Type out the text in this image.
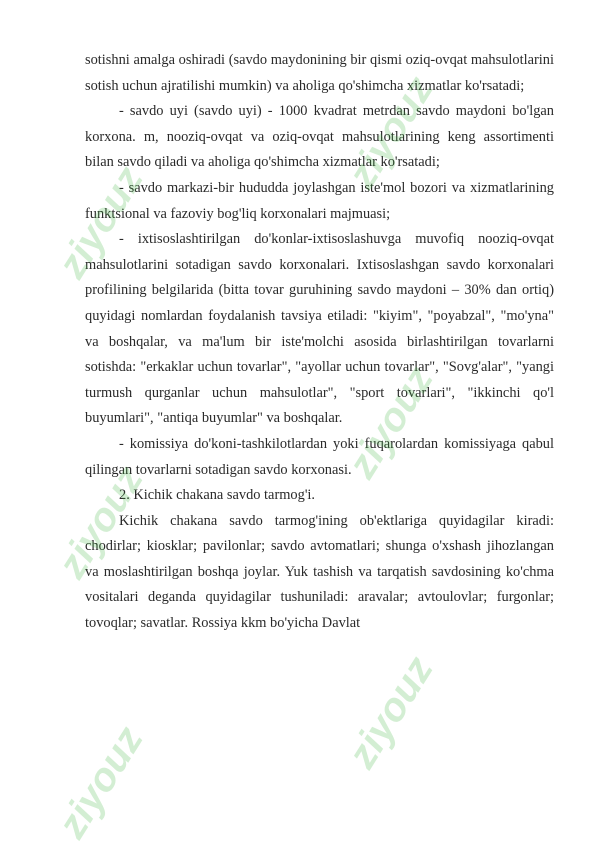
sotishni amalga oshiradi (savdo maydonining bir qismi oziq-ovqat mahsulotlarini sotish uchun ajratilishi mumkin) va aholiga qo'shimcha xizmatlar ko'rsatadi;

- savdo uyi (savdo uyi) - 1000 kvadrat metrdan savdo maydoni bo'lgan korxona. m, nooziq-ovqat va oziq-ovqat mahsulotlarining keng assortimenti bilan savdo qiladi va aholiga qo'shimcha xizmatlar ko'rsatadi;

- savdo markazi-bir hududda joylashgan iste'mol bozori va xizmatlarining funktsional va fazoviy bog'liq korxonalari majmuasi;

- ixtisoslashtirilgan do'konlar-ixtisoslashuvga muvofiq nooziq-ovqat mahsulotlarini sotadigan savdo korxonalari. Ixtisoslashgan savdo korxonalari profilining belgilarida (bitta tovar guruhining savdo maydoni – 30% dan ortiq) quyidagi nomlardan foydalanish tavsiya etiladi: "kiyim", "poyabzal", "mo'yna" va boshqalar, va ma'lum bir iste'molchi asosida birlashtirilgan tovarlarni sotishda: "erkaklar uchun tovarlar", "ayollar uchun tovarlar", "Sovg'alar", "yangi turmush qurganlar uchun mahsulotlar", "sport tovarlari", "ikkinchi qo'l buyumlari", "antiqa buyumlar" va boshqalar.

- komissiya do'koni-tashkilotlardan yoki fuqarolardan komissiyaga qabul qilingan tovarlarni sotadigan savdo korxonasi.

2. Kichik chakana savdo tarmog'i.

Kichik chakana savdo tarmog'ining ob'ektlariga quyidagilar kiradi: chodirlar; kiosklar; pavilonlar; savdo avtomatlari; shunga o'xshash jihozlangan va moslashtirilgan boshqa joylar. Yuk tashish va tarqatish savdosining ko'chma vositalari deganda quyidagilar tushuniladi: aravalar; avtoulovlar; furgonlar; tovoqlar; savatlar. Rossiya kkm bo'yicha Davlat

ziyouz
ziyouz
ziyouz
ziyouz
ziyouz
ziyouz
